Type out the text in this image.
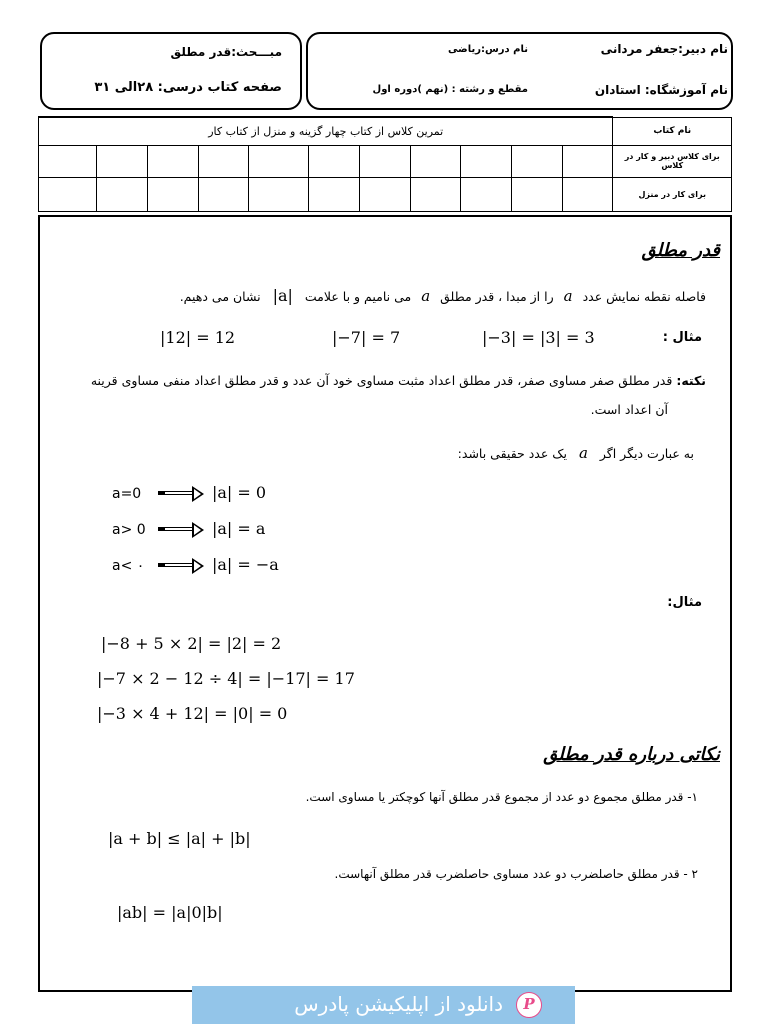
نام دبیر:جعفر مردانی
نام آموزشگاه: استادان
نام درس:ریاضی
مقطع و رشته : (نهم )دوره اول
مبـــحث:قدر مطلق
صفحه کتاب درسی: ۲۸الی ۳۱
تمرین کلاس از کتاب چهار گزینه و منزل از کتاب کار											نام کتاب
											برای کلاس دبیر و کار در کلاس
											برای کار در منزل
قدر مطلق
فاصله نقطه نمایش عدد a را از مبدا ، قدر مطلق a می نامیم و با علامت |a| نشان می دهیم.
مثال :
|12| = 12	|−7| = 7	|−3| = |3| = 3
نکته: قدر مطلق صفر مساوی صفر، قدر مطلق اعداد مثبت مساوی خود آن عدد و قدر مطلق اعداد منفی مساوی قرینه
آن اعداد است.
به عبارت دیگر اگر a یک عدد حقیقی باشد:
a=0	|a| = 0
a> 0	|a| = a
a< ۰	|a| = −a
مثال:
|−8 + 5 × 2| = |2| = 2
|−7 × 2 − 12 ÷ 4| = |−17| = 17
|−3 × 4 + 12| = |0| = 0
نکاتی درباره قدر مطلق
۱- قدر مطلق مجموع دو عدد از مجموع قدر مطلق آنها کوچکتر یا مساوی است.
|a + b| ≤ |a| + |b|
۲ - قدر مطلق حاصلضرب دو عدد مساوی حاصلضرب قدر مطلق آنهاست.
|ab| = |a|0|b|
P
دانلود از اپلیکیشن پادرس
